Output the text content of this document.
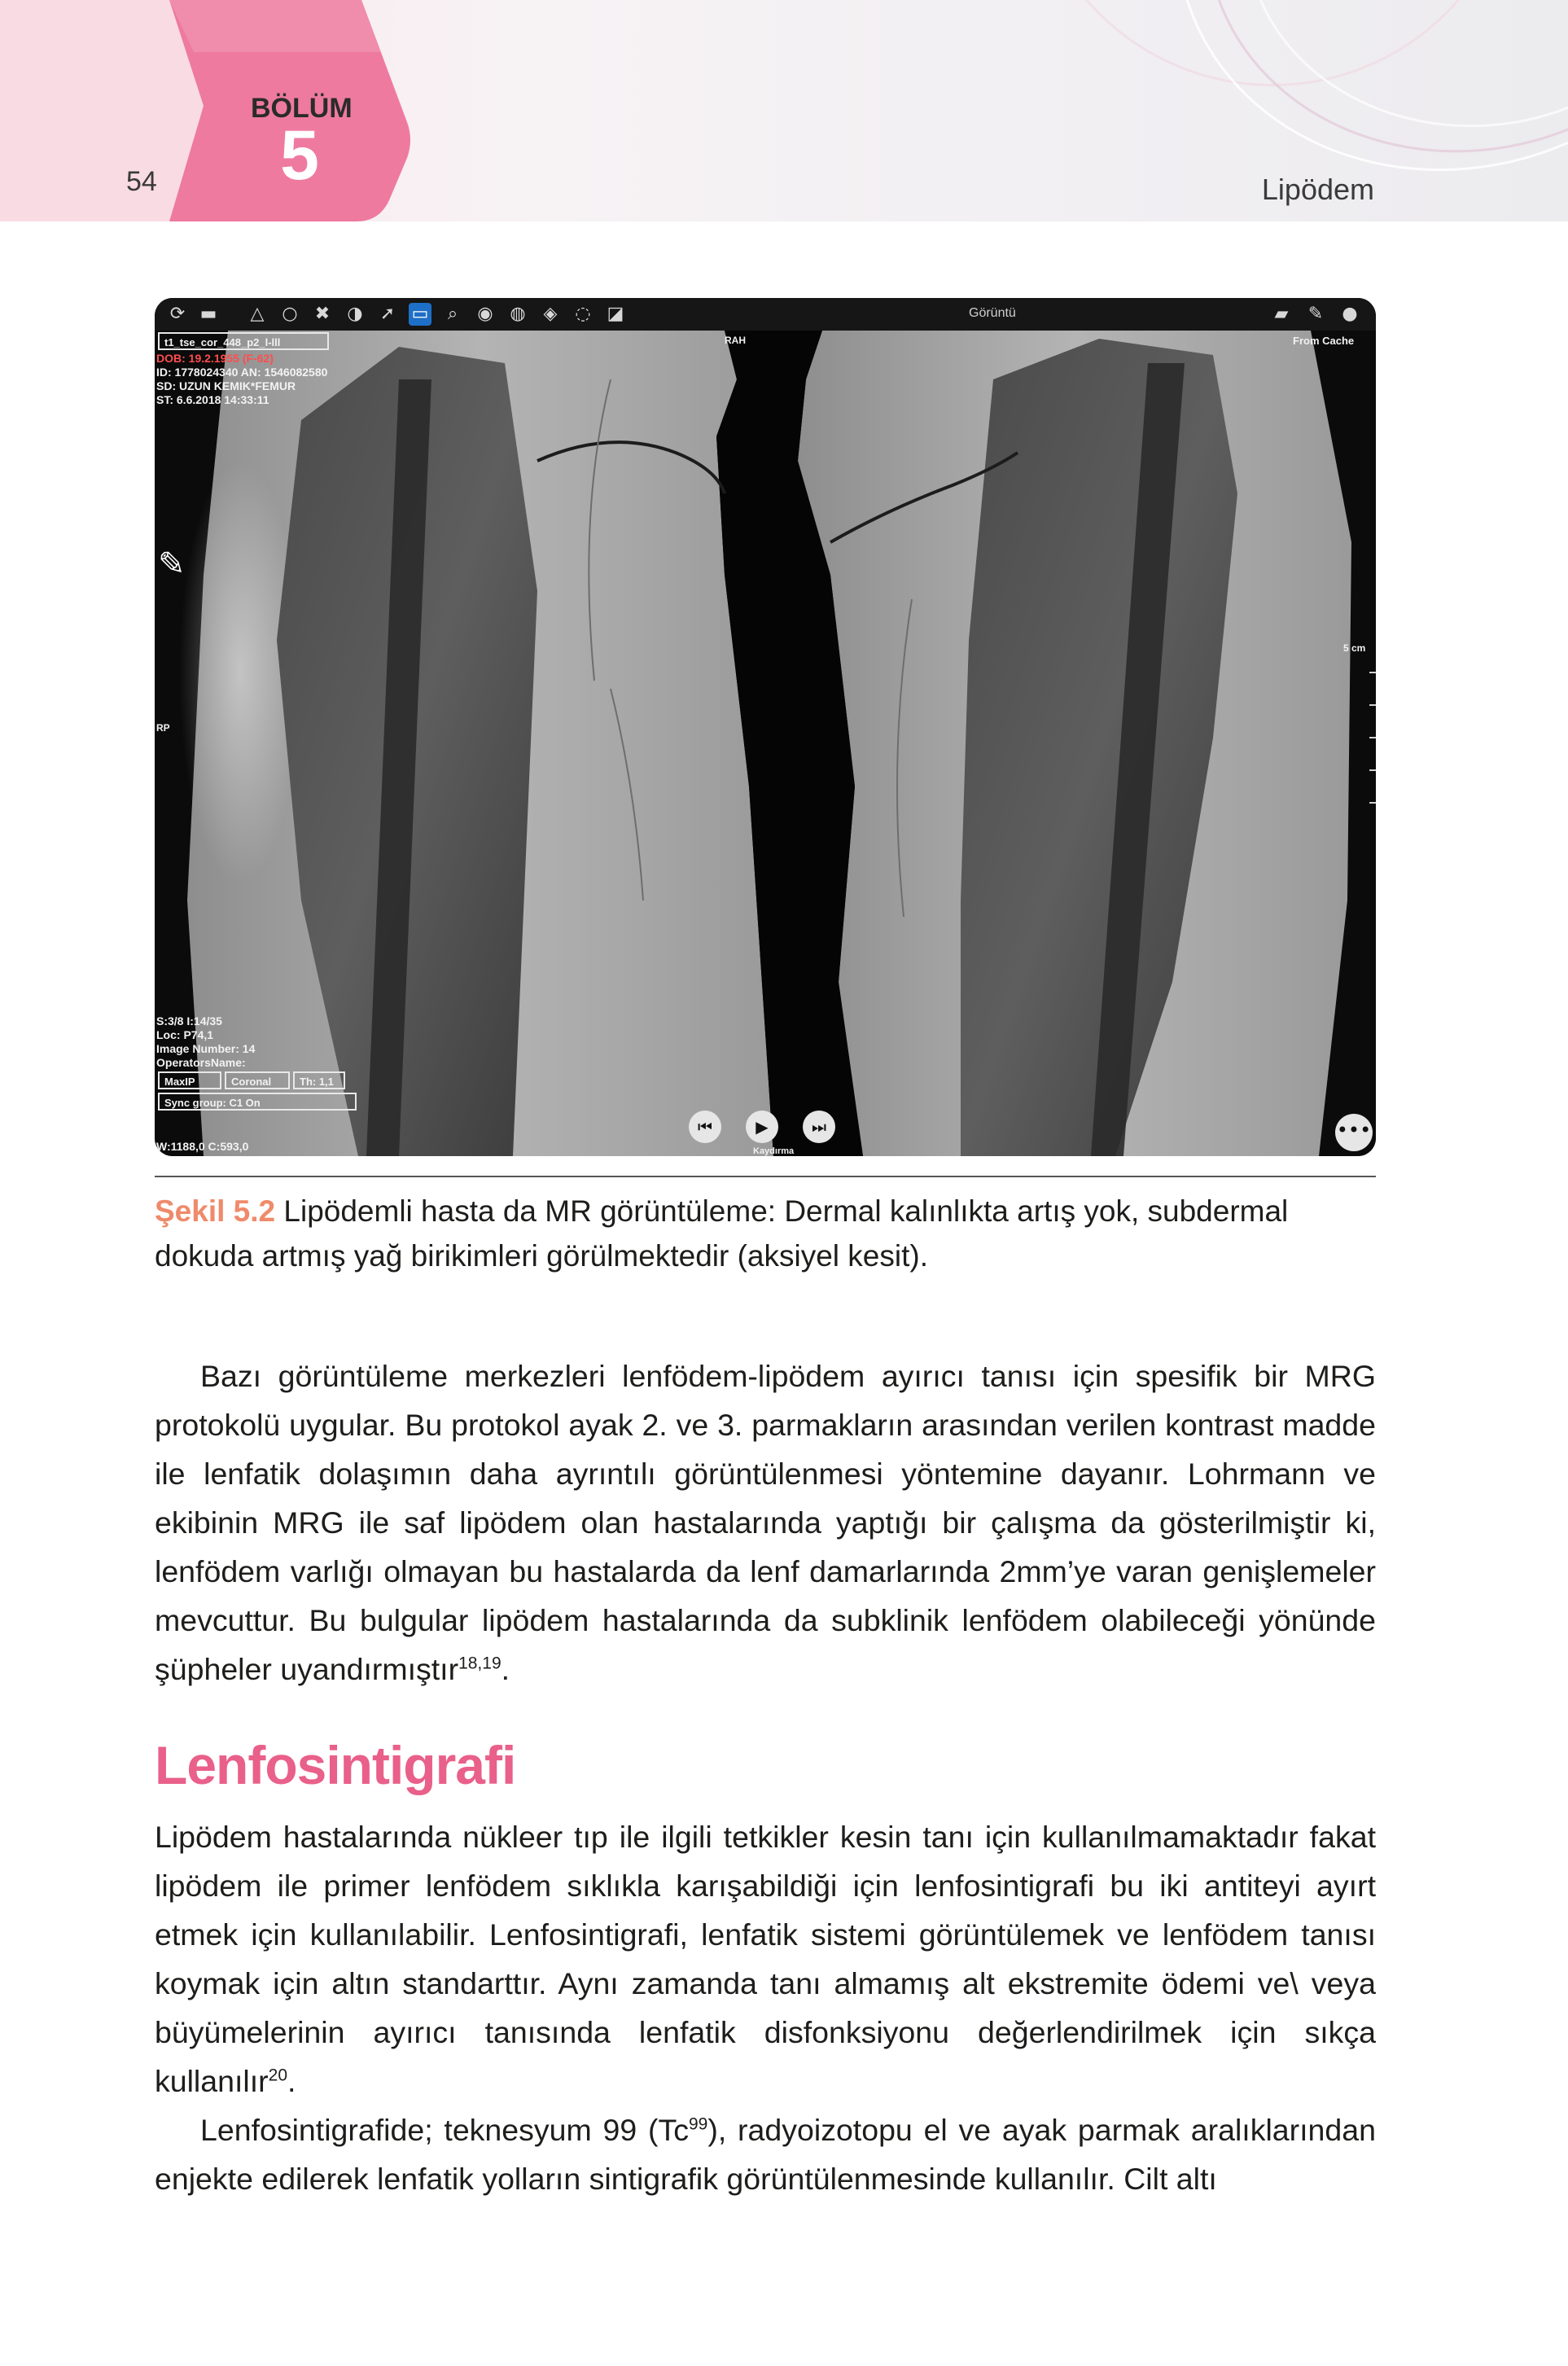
54
BÖLÜM
5	Lipödem
⟳ ▬ △ ○ ✖ ◑ ➚ ▭	⌕	◉ ◍ ◈ ◌ ◪	Görüntü	▰ ✎ ●
✎
t1_tse_cor_448_p2_l-lll
DOB: 19.2.1955 (F-62)
ID: 1778024340 AN: 1546082580
SD: UZUN KEMIK*FEMUR
ST: 6.6.2018 14:33:11
RAH
RP
From Cache
5 cm
S:3/8 I:14/35
Loc: P74,1
Image Number: 14
OperatorsName:
MaxIP	Coronal	Th: 1,1
Sync group: C1 On
W:1188,0 C:593,0
⏮	▶	⏭
Kaydırma
•••
Şekil 5.2 Lipödemli hasta da MR görüntüleme: Dermal kalınlıkta artış yok, subdermal dokuda artmış yağ birikimleri görülmektedir (aksiyel kesit).

Bazı görüntüleme merkezleri lenfödem-lipödem ayırıcı tanısı için spesifik bir MRG protokolü uygular. Bu protokol ayak 2. ve 3. parmakların arasından verilen kontrast madde ile lenfatik dolaşımın daha ayrıntılı görüntülenmesi yöntemine dayanır. Lohrmann ve ekibinin MRG ile saf lipödem olan hastalarında yaptığı bir çalışma da gösterilmiştir ki, lenfödem varlığı olmayan bu hastalarda da lenf damarlarında 2mm’ye varan genişlemeler mevcuttur. Bu bulgular lipödem hastalarında da subklinik lenfödem olabileceği yönünde şüpheler uyandırmıştır$^{18,19}$.

Lenfosintigrafi

Lipödem hastalarında nükleer tıp ile ilgili tetkikler kesin tanı için kullanılmamaktadır fakat lipödem ile primer lenfödem sıklıkla karışabildiği için lenfosintigrafi bu iki antiteyi ayırt etmek için kullanılabilir. Lenfosintigrafi, lenfatik sistemi görüntülemek ve lenfödem tanısı koymak için altın standarttır. Aynı zamanda tanı almamış alt ekstremite ödemi ve\ veya büyümelerinin ayırıcı tanısında lenfatik disfonksiyonu değerlendirilmek için sıkça kullanılır$^{20}$.

Lenfosintigrafide; teknesyum 99 (Tc$^{99}$), radyoizotopu el ve ayak parmak aralıklarından enjekte edilerek lenfatik yolların sintigrafik görüntülenmesinde kullanılır. Cilt altı
